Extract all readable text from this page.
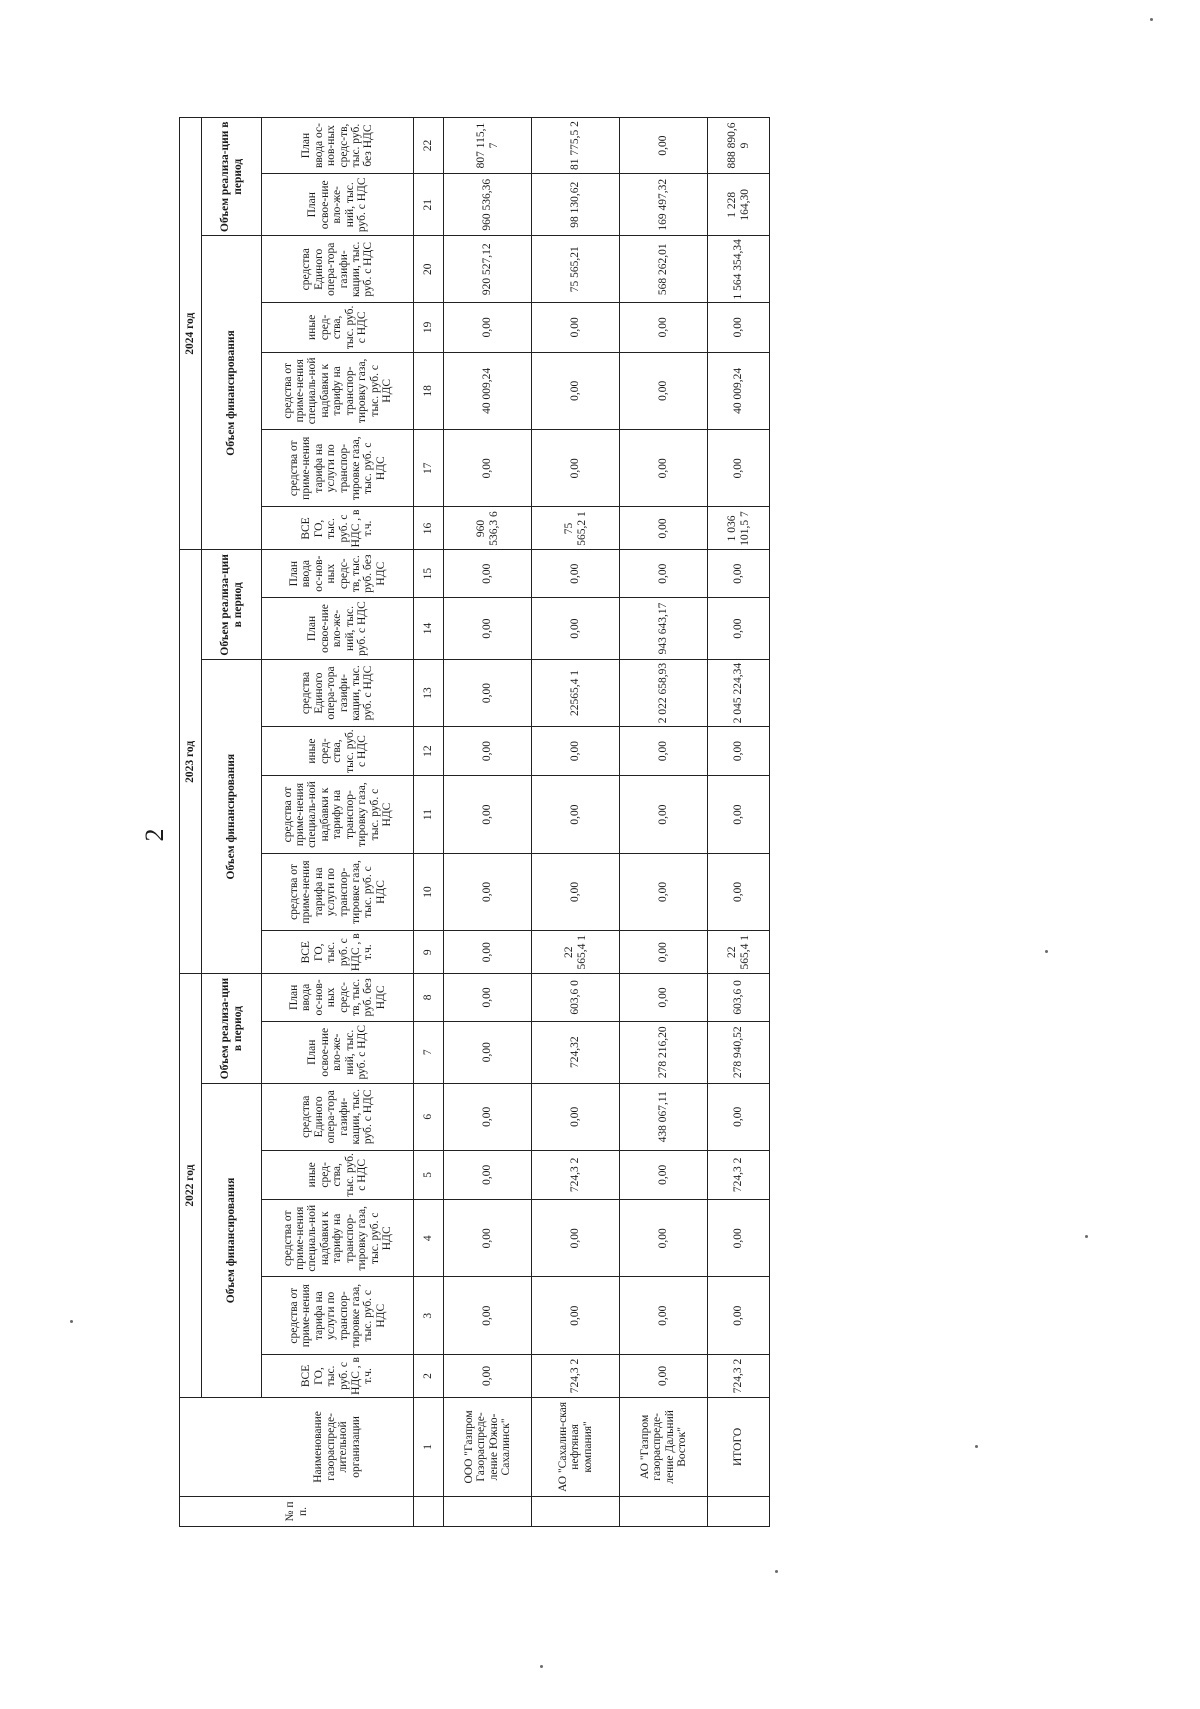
2
№ п п.		2022 год							2023 год							2024 год						
		Объем финансирования					Объем реализа-ции в период		Объем финансирования					Объем реализа-ции в период		Объем финансирования					Объем реализа-ции в период	

	Наименование газораспреде-лительной организации	ВСЕ ГО, тыс. руб. с НДС , в т.ч.	средства от приме-нения тарифа на услуги по транспор-тировке газа, тыс. руб. с НДС	средства от приме-нения специаль-ной надбавки к тарифу на транспор-тировку газа, тыс. руб. с НДС	иные сред-ства, тыс. руб. с НДС	средства Единого опера-тора газифи-кации, тыс. руб. с НДС	План освое-ние вло-же-ний, тыс. руб. с НДС	План ввода ос-нов-ных средс-тв, тыс. руб. без НДС	ВСЕ ГО, тыс. руб. с НДС , в т.ч.	средства от приме-нения тарифа на услуги по транспор-тировке газа, тыс. руб. с НДС	средства от приме-нения специаль-ной надбавки к тарифу на транспор-тировку газа, тыс. руб. с НДС	иные сред-ства, тыс. руб. с НДС	средства Единого опера-тора газифи-кации, тыс. руб. с НДС	План освое-ние вло-же-ний, тыс. руб. с НДС	План ввода ос-нов-ных средс-тв, тыс. руб. без НДС	ВСЕ ГО, тыс. руб. с НДС , в т.ч.	средства от приме-нения тарифа на услуги по транспор-тировке газа, тыс. руб. с НДС	средства от приме-нения специаль-ной надбавки к тарифу на транспор-тировку газа, тыс. руб. с НДС	иные сред-ства, тыс. руб. с НДС	средства Единого опера-тора газифи-кации, тыс. руб. с НДС	План освое-ние вло-же-ний, тыс. руб. с НДС	План ввода ос-нов-ных средс-тв, тыс. руб. без НДС
	1	2	3	4	5	6	7	8	9	10	11	12	13	14	15	16	17	18	19	20	21	22
	ООО "Газпром Газораспреде-ление Южно-Сахалинск"	0,00	0,00	0,00	0,00	0,00	0,00	0,00	0,00	0,00	0,00	0,00	0,00	0,00	0,00	960 536,3 6	0,00	40 009,24	0,00	920 527,12	960 536,36	807 115,1 7
	АО "Сахалин-ская нефтяная компания"	724,3 2	0,00	0,00	724,3 2	0,00	724,32	603,6 0	22 565,4 1	0,00	0,00	0,00	22565,4 1	0,00	0,00	75 565,2 1	0,00	0,00	0,00	75 565,21	98 130,62	81 775,5 2
	АО "Газпром газораспреде-ление Дальний Восток"	0,00	0,00	0,00	0,00	438 067,11	278 216,20	0,00	0,00	0,00	0,00	0,00	2 022 658,93	943 643,17	0,00	0,00	0,00	0,00	0,00	568 262,01	169 497,32	0,00
	ИТОГО	724,3 2	0,00	0,00	724,3 2	0,00	278 940,52	603,6 0	22 565,4 1	0,00	0,00	0,00	2 045 224,34	0,00	0,00	1 036 101,5 7	0,00	40 009,24	0,00	1 564 354,34	1 228 164,30	888 890,6 9
